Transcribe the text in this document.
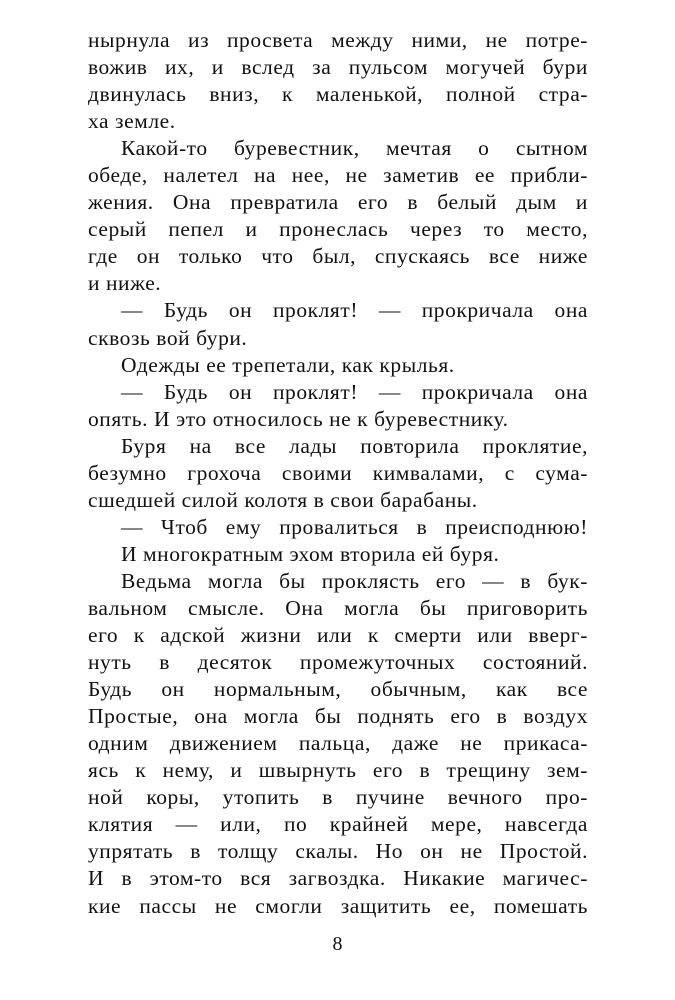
нырнула из просвета между ними, не потре-
вожив их, и вслед за пульсом могучей бури
двинулась вниз, к маленькой, полной стра-
ха земле.
Какой-то буревестник, мечтая о сытном
обеде, налетел на нее, не заметив ее прибли-
жения. Она превратила его в белый дым и
серый пепел и пронеслась через то место,
где он только что был, спускаясь все ниже
и ниже.
— Будь он проклят! — прокричала она
сквозь вой бури.
Одежды ее трепетали, как крылья.
— Будь он проклят! — прокричала она
опять. И это относилось не к буревестнику.
Буря на все лады повторила проклятие,
безумно грохоча своими кимвалами, с сума-
сшедшей силой колотя в свои барабаны.
— Чтоб ему провалиться в преисподнюю!
И многократным эхом вторила ей буря.
Ведьма могла бы проклясть его — в бук-
вальном смысле. Она могла бы приговорить
его к адской жизни или к смерти или вверг-
нуть в десяток промежуточных состояний.
Будь он нормальным, обычным, как все
Простые, она могла бы поднять его в воздух
одним движением пальца, даже не прикаса-
ясь к нему, и швырнуть его в трещину зем-
ной коры, утопить в пучине вечного про-
клятия — или, по крайней мере, навсегда
упрятать в толщу скалы. Но он не Простой.
И в этом-то вся загвоздка. Никакие магичес-
кие пассы не смогли защитить ее, помешать
8
